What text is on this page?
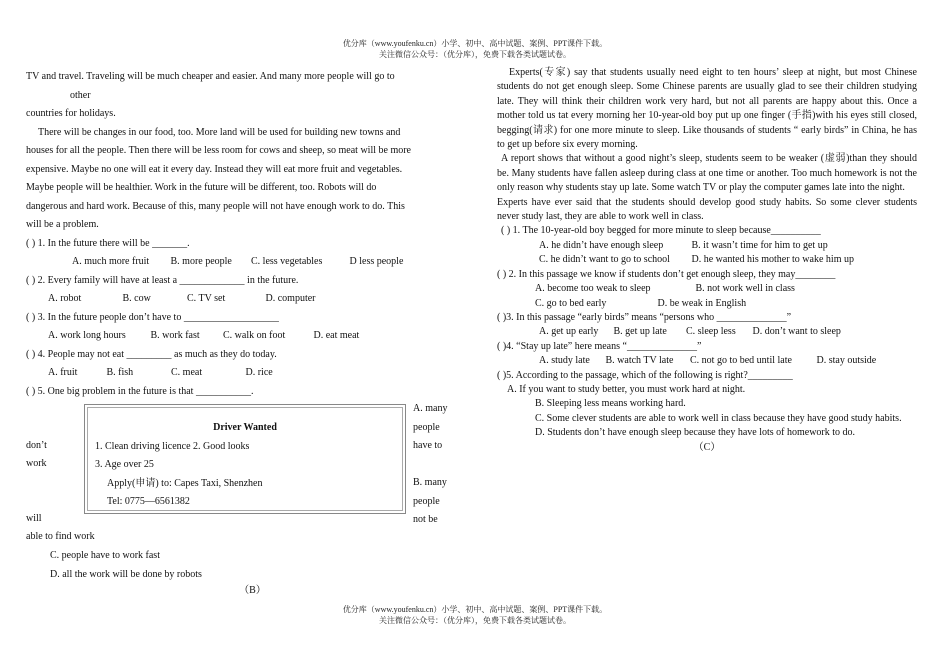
优分库（www.youfenku.cn）小学、初中、高中试题、案例、PPT课件下载。
关注微信公众号：（优分库），免费下载各类试题试卷。
TV and travel. Traveling will be much cheaper and easier. And many more people will go to
other
countries for holidays.
There will be changes in our food, too. More land will be used for building new towns and
houses for all the people. Then there will be less room for cows and sheep, so meat will be more
expensive. Maybe no one will eat it every day. Instead they will eat more fruit and vegetables.
Maybe people will be healthier. Work in the future will be different, too. Robots will do
dangerous and hard work. Because of this, many people will not have enough work to do. This
will be a problem.
( ) 1. In the future there will be _______.
A. much more fruit B. more people C. less vegetables	D less people
( ) 2. Every family will have at least a _____________ in the future.
A. robot	B. cow	C. TV set	D. computer
( ) 3. In the future people don’t have to ___________________
A. work long hours B. work fast C. walk on foot	D. eat meat
( ) 4. People may not eat _________ as much as they do today.
A. fruit	B. fish	C. meat	D. rice
( ) 5. One big problem in the future is that ___________.
A. many
people
have to
don’t
work
B. many
people
not be
will
able to find work
C. people have to work fast
D. all the work will be done by robots
（B）
Driver Wanted
1. Clean driving licence 2. Good looks
3. Age over 25
Apply(申请) to: Capes Taxi, Shenzhen
Tel: 0775—6561382
Experts(专家) say that students usually need eight to ten hours’ sleep at night, but most Chinese students do not get enough sleep. Some Chinese parents are usually glad to see their children studying late. They will think their children work very hard, but not all parents are happy about this. Once a mother told us tat every morning her 10-year-old boy put up one finger (手指)with his eyes still closed, begging(请求) for one more minute to sleep. Like thousands of students “ early birds” in China, he has to get up before six every morning.
A report shows that without a good night’s sleep, students seem to be weaker (虚弱)than they should be. Many students have fallen asleep during class at one time or another. Too much homework is not the only reason why students stay up late. Some watch TV or play the computer games late into the night.
Experts have ever said that the students should develop good study habits. So some clever students never study last, they are able to work well in class.
( ) 1. The 10-year-old boy begged for more minute to sleep because__________
A. he didn’t have enough sleep	B. it wasn’t time for him to get up
C. he didn’t want to go to school D. he wanted his mother to wake him up
( ) 2. In this passage we know if students don’t get enough sleep, they may________
A. become too weak to sleep	B. not work well in class
C. go to bed early	D. be weak in English
( )3. In this passage “early birds” means “persons who ______________”
A. get up early B. get up late C. sleep less D. don’t want to sleep
( )4. “Stay up late” here means “______________”
A. study late B. watch TV late C. not go to bed until late D. stay outside
( )5. According to the passage, which of the following is right?_________
A. If you want to study better, you must work hard at night.
B. Sleeping less means working hard.
C. Some clever students are able to work well in class because they have good study habits.
D. Students don’t have enough sleep because they have lots of homework to do.
（C）
优分库（www.youfenku.cn）小学、初中、高中试题、案例、PPT课件下载。
关注微信公众号：（优分库），免费下载各类试题试卷。
